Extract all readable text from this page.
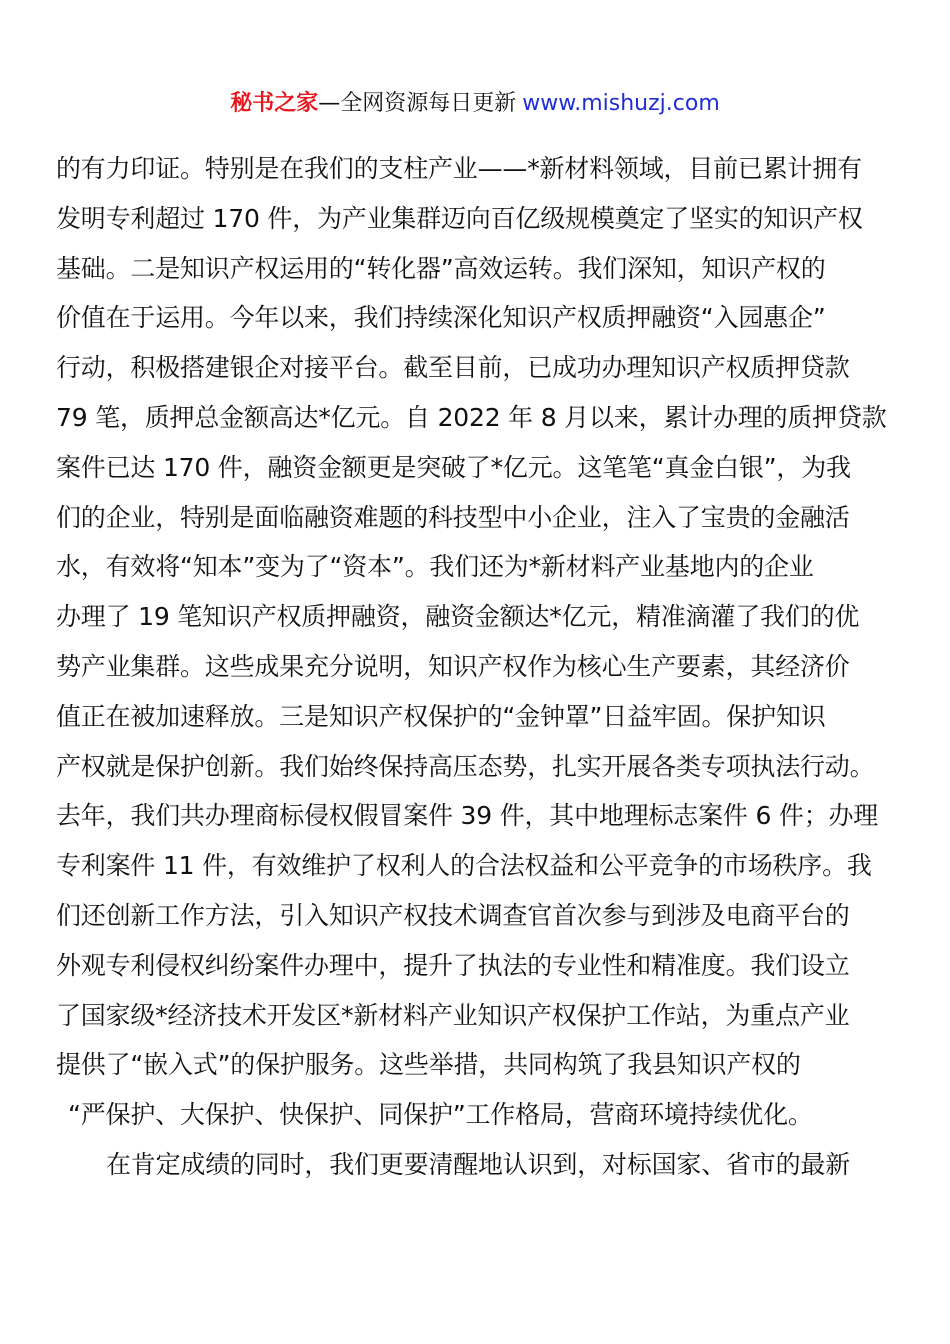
秘书之家—全网资源每日更新 www.mishuzj.com
的有力印证。特别是在我们的支柱产业——*新材料领域，目前已累计拥有
发明专利超过 170 件，为产业集群迈向百亿级规模奠定了坚实的知识产权
基础。二是知识产权运用的“转化器”高效运转。我们深知，知识产权的
价值在于运用。今年以来，我们持续深化知识产权质押融资“入园惠企”
行动，积极搭建银企对接平台。截至目前，已成功办理知识产权质押贷款
79 笔，质押总金额高达*亿元。自 2022 年 8 月以来，累计办理的质押贷款
案件已达 170 件，融资金额更是突破了*亿元。这笔笔“真金白银”，为我
们的企业，特别是面临融资难题的科技型中小企业，注入了宝贵的金融活
水，有效将“知本”变为了“资本”。我们还为*新材料产业基地内的企业
办理了 19 笔知识产权质押融资，融资金额达*亿元，精准滴灌了我们的优
势产业集群。这些成果充分说明，知识产权作为核心生产要素，其经济价
值正在被加速释放。三是知识产权保护的“金钟罩”日益牢固。保护知识
产权就是保护创新。我们始终保持高压态势，扎实开展各类专项执法行动。
去年，我们共办理商标侵权假冒案件 39 件，其中地理标志案件 6 件；办理
专利案件 11 件，有效维护了权利人的合法权益和公平竞争的市场秩序。我
们还创新工作方法，引入知识产权技术调查官首次参与到涉及电商平台的
外观专利侵权纠纷案件办理中，提升了执法的专业性和精准度。我们设立
了国家级*经济技术开发区*新材料产业知识产权保护工作站，为重点产业
提供了“嵌入式”的保护服务。这些举措，共同构筑了我县知识产权的
“严保护、大保护、快保护、同保护”工作格局，营商环境持续优化。
在肯定成绩的同时，我们更要清醒地认识到，对标国家、省市的最新
